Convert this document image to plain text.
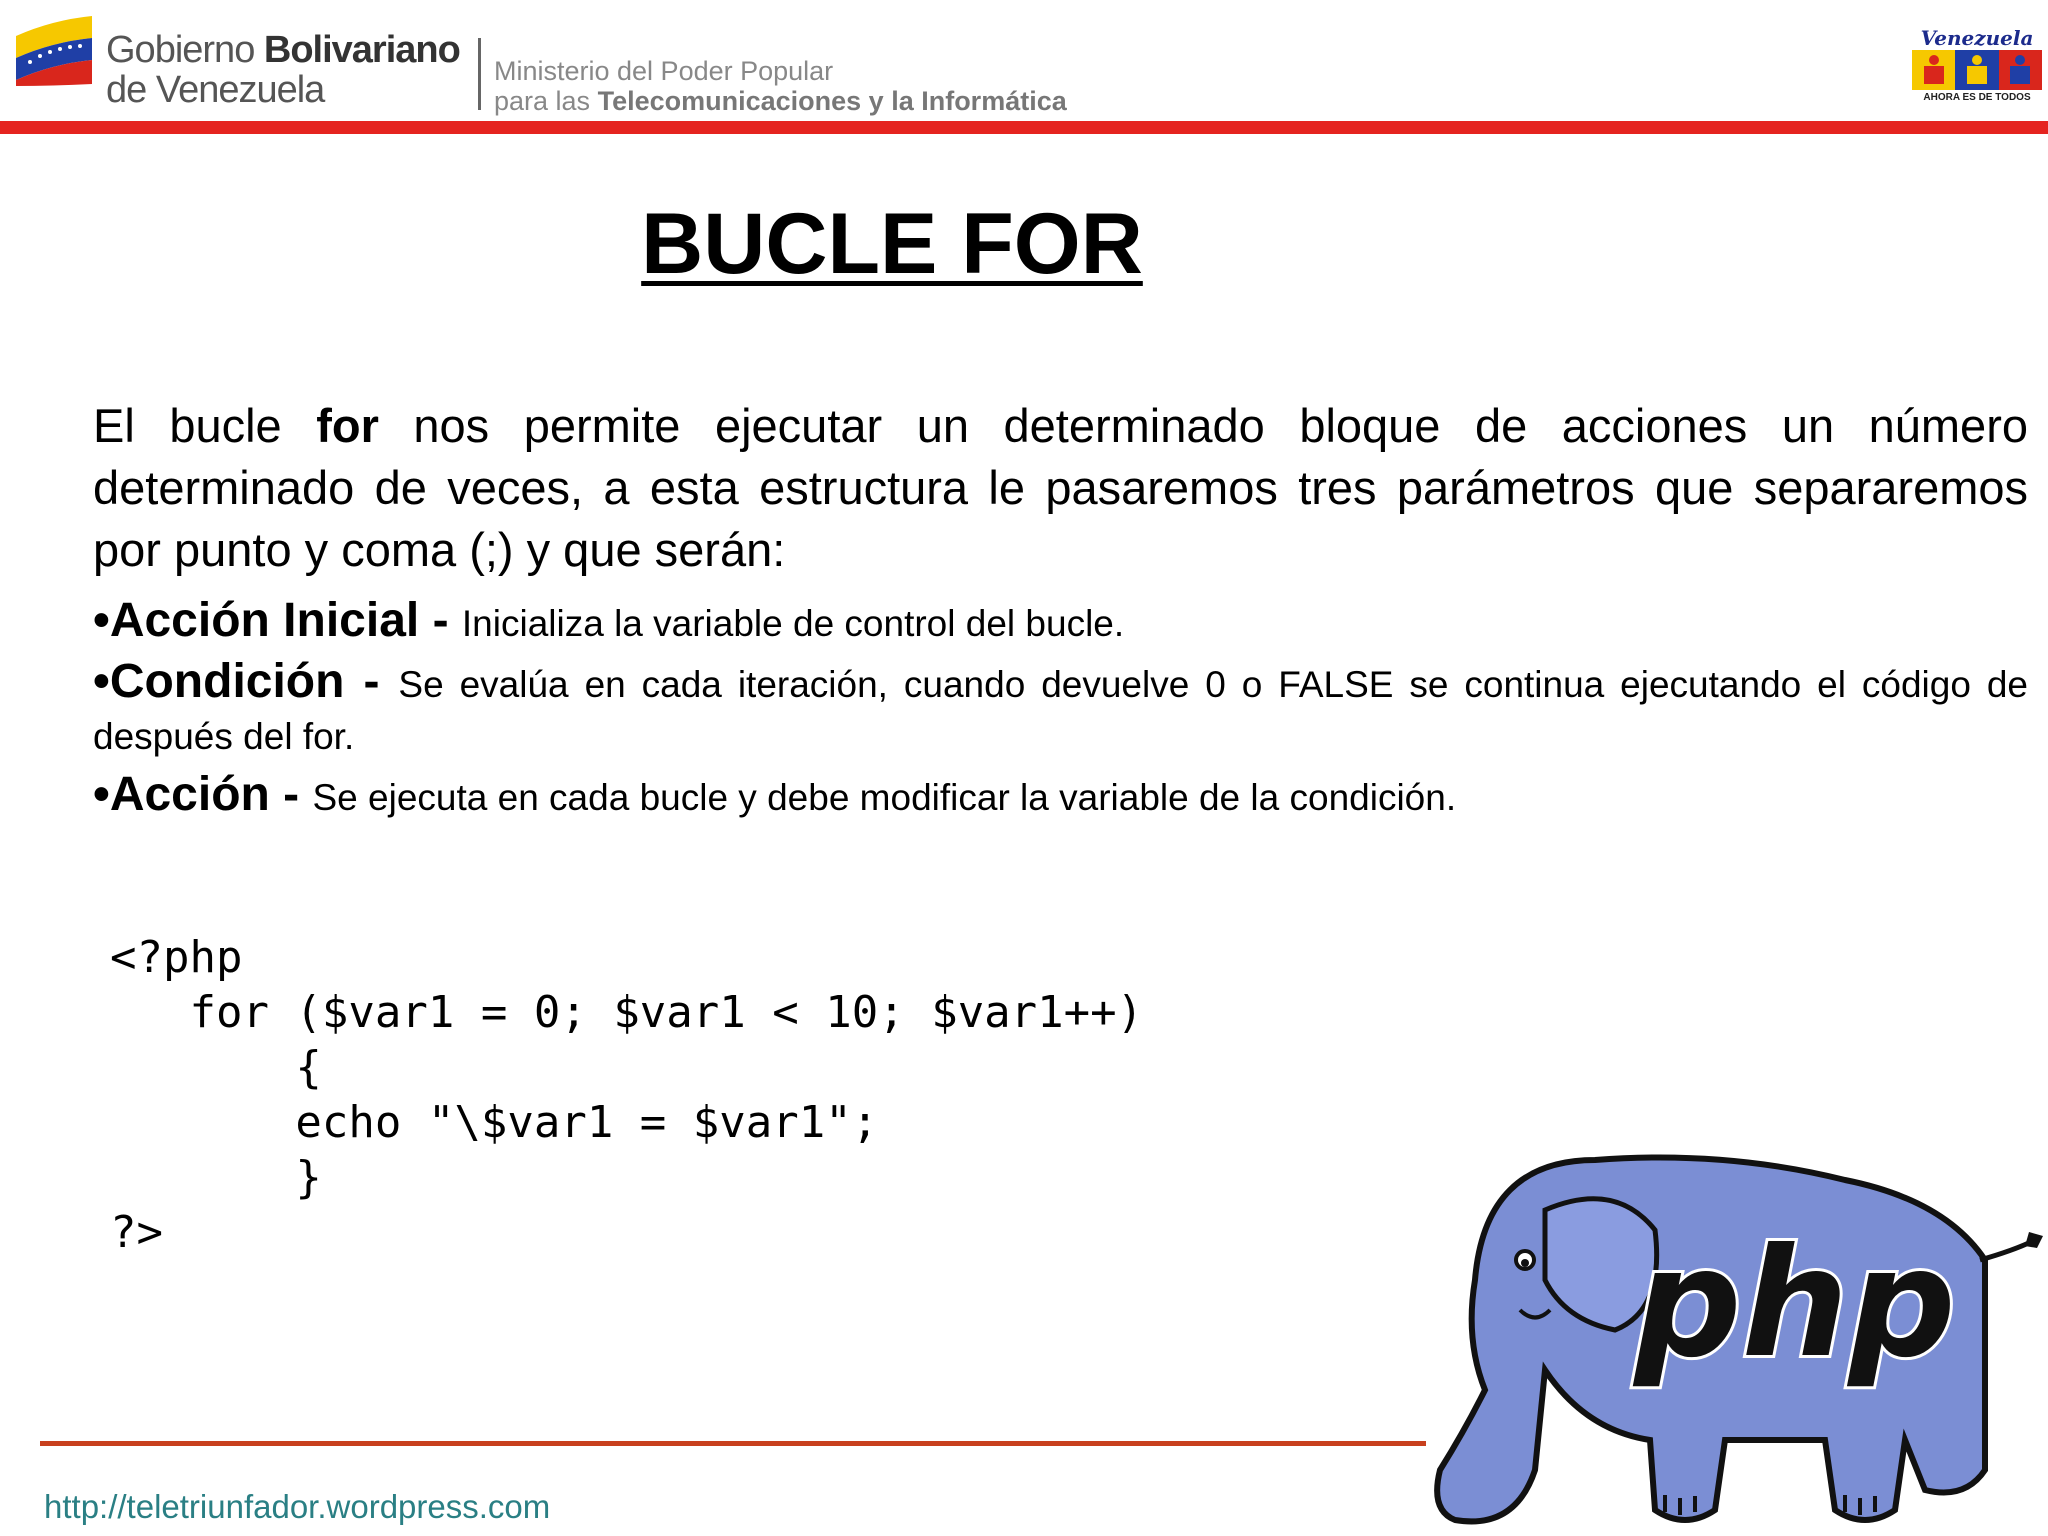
Gobierno Bolivariano
de Venezuela	Ministerio del Poder Popular
para las Telecomunicaciones y la Informática
Venezuela
AHORA ES DE TODOS
BUCLE FOR
El bucle for nos permite ejecutar un determinado bloque de acciones un número determinado de veces, a esta estructura le pasaremos tres parámetros que separaremos por punto y coma (;) y que serán:
•Acción Inicial - Inicializa la variable de control del bucle.
•Condición - Se evalúa en cada iteración, cuando devuelve 0 o FALSE se continua ejecutando el código de después del for.
•Acción - Se ejecuta en cada bucle y debe modificar la variable de la condición.
<?php
for ($var1 = 0; $var1 < 10; $var1++)
{
echo "\$var1 = $var1";
}
?>
http://teletriunfador.wordpress.com
php
